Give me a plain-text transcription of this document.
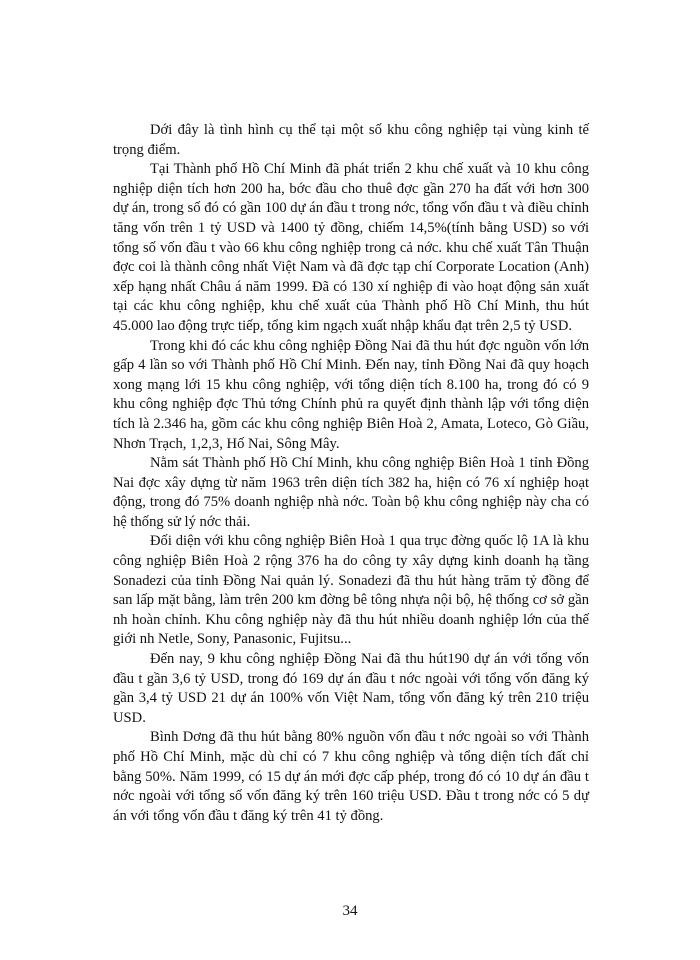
Dới đây là tình hình cụ thể tại một số khu công nghiệp tại vùng kinh tế trọng điểm.

Tại Thành phố Hồ Chí Minh đã phát triển 2 khu chế xuất và 10 khu công nghiệp diện tích hơn 200 ha, bớc đầu cho thuê đợc gần 270 ha đất với hơn 300 dự án, trong số đó có gần 100 dự án đầu t trong nớc, tổng vốn đầu t và điều chỉnh tăng vốn trên 1 tỷ USD và 1400 tỷ đồng, chiếm 14,5%(tính bằng USD) so với tổng số vốn đầu t vào 66 khu công nghiệp trong cả nớc. khu chế xuất Tân Thuận đợc coi là thành công nhất Việt Nam và đã đợc tạp chí Corporate Location (Anh) xếp hạng nhất Châu á năm 1999. Đã có 130 xí nghiệp đi vào hoạt động sản xuất tại các khu công nghiệp, khu chế xuất của Thành phố Hồ Chí Minh, thu hút 45.000 lao động trực tiếp, tổng kim ngạch xuất nhập khẩu đạt trên 2,5 tỷ USD.

Trong khi đó các khu công nghiệp Đồng Nai đã thu hút đợc nguồn vốn lớn gấp 4 lần so với Thành phố Hồ Chí Minh. Đến nay, tỉnh Đồng Nai đã quy hoạch xong mạng lới 15 khu công nghiệp, với tổng diện tích 8.100 ha, trong đó có 9 khu công nghiệp đợc Thủ tớng Chính phủ ra quyết định thành lập với tổng diện tích là 2.346 ha, gồm các khu công nghiệp Biên Hoà 2, Amata, Loteco, Gò Giầu, Nhơn Trạch, 1,2,3, Hố Nai, Sông Mây.

Nằm sát Thành phố Hồ Chí Minh, khu công nghiệp Biên Hoà 1 tỉnh Đồng Nai đợc xây dựng từ năm 1963 trên diện tích 382 ha, hiện có 76 xí nghiệp hoạt động, trong đó 75% doanh nghiệp nhà nớc. Toàn bộ khu công nghiệp này cha có hệ thống sử lý nớc thải.

Đối diện với khu công nghiệp Biên Hoà 1 qua trục đờng quốc lộ 1A là khu công nghiệp Biên Hoà 2 rộng 376 ha do công ty xây dựng kinh doanh hạ tầng Sonadezi của tỉnh Đồng Nai quản lý. Sonadezi đã thu hút hàng trăm tỷ đồng để san lấp mặt bằng, làm trên 200 km đờng bê tông nhựa nội bộ, hệ thống cơ sở gần nh hoàn chỉnh. Khu công nghiệp này đã thu hút nhiều doanh nghiệp lớn của thế giới nh Netle, Sony, Panasonic, Fujitsu...

Đến nay, 9 khu công nghiệp Đồng Nai đã thu hút190 dự án với tổng vốn đầu t gần 3,6 tỷ USD, trong đó 169 dự án đầu t nớc ngoài với tổng vốn đăng ký gần 3,4 tỷ USD 21 dự án 100% vốn Việt Nam, tổng vốn đăng ký trên 210 triệu USD.

Bình Dơng đã thu hút bằng 80% nguồn vốn đầu t nớc ngoài so với Thành phố Hồ Chí Minh, mặc dù chỉ có 7 khu công nghiệp và tổng diện tích đất chỉ bằng 50%. Năm 1999, có 15 dự án mới đợc cấp phép, trong đó có 10 dự án đầu t nớc ngoài với tổng số vốn đăng ký trên 160 triệu USD. Đầu t trong nớc có 5 dự án với tổng vốn đầu t đăng ký trên 41 tỷ đồng.

34
